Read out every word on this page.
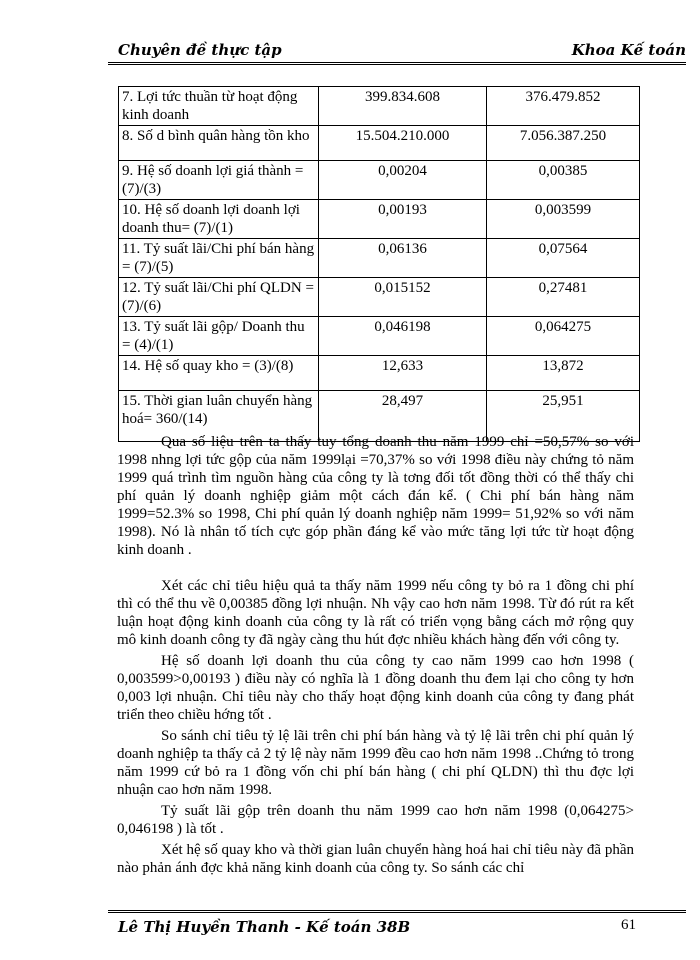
Chuyên đề thực tập	Khoa Kế toán
7. Lợi tức thuần từ hoạt động kinh doanh	399.834.608	376.479.852
8. Số d bình quân hàng tồn kho	15.504.210.000	7.056.387.250
9. Hệ số doanh lợi giá thành = (7)/(3)	0,00204	0,00385
10. Hệ số doanh lợi doanh lợi doanh thu= (7)/(1)	0,00193	0,003599
11. Tỷ suất lãi/Chi phí bán hàng = (7)/(5)	0,06136	0,07564
12. Tỷ suất lãi/Chi phí QLDN = (7)/(6)	0,015152	0,27481
13. Tỷ suất lãi gộp/ Doanh thu = (4)/(1)	0,046198	0,064275
14. Hệ số quay kho = (3)/(8)	12,633	13,872
15. Thời gian luân chuyển hàng hoá= 360/(14)	28,497	25,951

Qua số liệu trên ta thấy tuy tổng doanh thu năm 1999 chỉ =50,57% so với 1998 nhng lợi tức gộp của năm 1999lại =70,37% so với 1998 điều này chứng tỏ năm 1999 quá trình tìm nguồn hàng của công ty là tơng đối tốt đồng thời có thể thấy chi phí quản lý doanh nghiệp giảm một cách đán kể. ( Chi phí bán hàng năm 1999=52.3% so 1998, Chi phí quản lý doanh nghiệp năm 1999= 51,92% so với năm 1998). Nó là nhân tố tích cực góp phần đáng kể vào mức tăng lợi tức từ hoạt động kinh doanh .

Xét các chỉ tiêu hiệu quả ta thấy năm 1999 nếu công ty bỏ ra 1 đồng chi phí thì có thể thu về 0,00385 đồng lợi nhuận. Nh vậy cao hơn năm 1998. Từ đó rút ra kết luận hoạt động kinh doanh của công ty là rất có triển vọng bằng cách mở rộng quy mô kinh doanh công ty đã ngày càng thu hút đợc nhiều khách hàng đến với công ty.

Hệ số doanh lợi doanh thu của công ty cao năm 1999 cao hơn 1998 ( 0,003599>0,00193 ) điều này có nghĩa là 1 đồng doanh thu đem lại cho công ty hơn 0,003 lợi nhuận. Chỉ tiêu này cho thấy hoạt động kinh doanh của công ty đang phát triển theo chiều hớng tốt .

So sánh chỉ tiêu tỷ lệ lãi trên chi phí bán hàng và tỷ lệ lãi trên chi phí quản lý doanh nghiệp ta thấy cả 2 tỷ lệ này năm 1999 đều cao hơn năm 1998 ..Chứng tỏ trong năm 1999 cứ bỏ ra 1 đồng vốn chi phí bán hàng ( chi phí QLDN) thì thu đợc lợi nhuận cao hơn năm 1998.

Tỷ suất lãi gộp trên doanh thu năm 1999 cao hơn năm 1998 (0,064275> 0,046198 ) là tốt .

Xét hệ số quay kho và thời gian luân chuyển hàng hoá hai chỉ tiêu này đã phần nào phản ánh đợc khả năng kinh doanh của công ty. So sánh các chỉ

Lê Thị Huyền Thanh - Kế toán 38B	61
